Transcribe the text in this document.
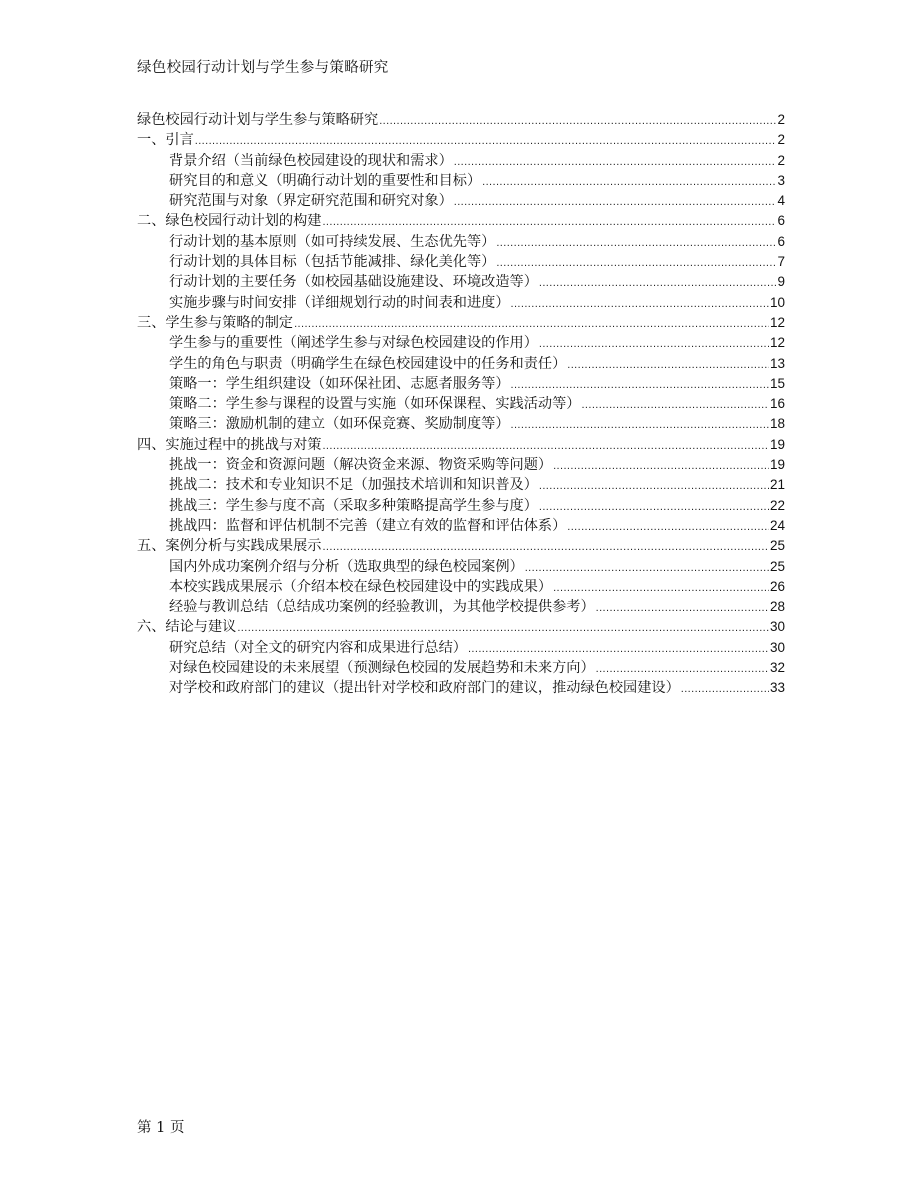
绿色校园行动计划与学生参与策略研究
绿色校园行动计划与学生参与策略研究 .....	2
一、引言 .....	2
背景介绍（当前绿色校园建设的现状和需求） .....	2
研究目的和意义（明确行动计划的重要性和目标） .....	3
研究范围与对象（界定研究范围和研究对象） .....	4
二、绿色校园行动计划的构建 .....	6
行动计划的基本原则（如可持续发展、生态优先等） .....	6
行动计划的具体目标（包括节能减排、绿化美化等） .....	7
行动计划的主要任务（如校园基础设施建设、环境改造等） .....	9
实施步骤与时间安排（详细规划行动的时间表和进度） .....	10
三、学生参与策略的制定 .....	12
学生参与的重要性（阐述学生参与对绿色校园建设的作用） .....	12
学生的角色与职责（明确学生在绿色校园建设中的任务和责任） .....	13
策略一：学生组织建设（如环保社团、志愿者服务等） .....	15
策略二：学生参与课程的设置与实施（如环保课程、实践活动等） .....	16
策略三：激励机制的建立（如环保竞赛、奖励制度等） .....	18
四、实施过程中的挑战与对策 .....	19
挑战一：资金和资源问题（解决资金来源、物资采购等问题） .....	19
挑战二：技术和专业知识不足（加强技术培训和知识普及） .....	21
挑战三：学生参与度不高（采取多种策略提高学生参与度） .....	22
挑战四：监督和评估机制不完善（建立有效的监督和评估体系） .....	24
五、案例分析与实践成果展示 .....	25
国内外成功案例介绍与分析（选取典型的绿色校园案例） .....	25
本校实践成果展示（介绍本校在绿色校园建设中的实践成果） .....	26
经验与教训总结（总结成功案例的经验教训，为其他学校提供参考） .....	28
六、结论与建议 .....	30
研究总结（对全文的研究内容和成果进行总结） .....	30
对绿色校园建设的未来展望（预测绿色校园的发展趋势和未来方向） .....	32
对学校和政府部门的建议（提出针对学校和政府部门的建议，推动绿色校园建设） .....	33
第 1 页
